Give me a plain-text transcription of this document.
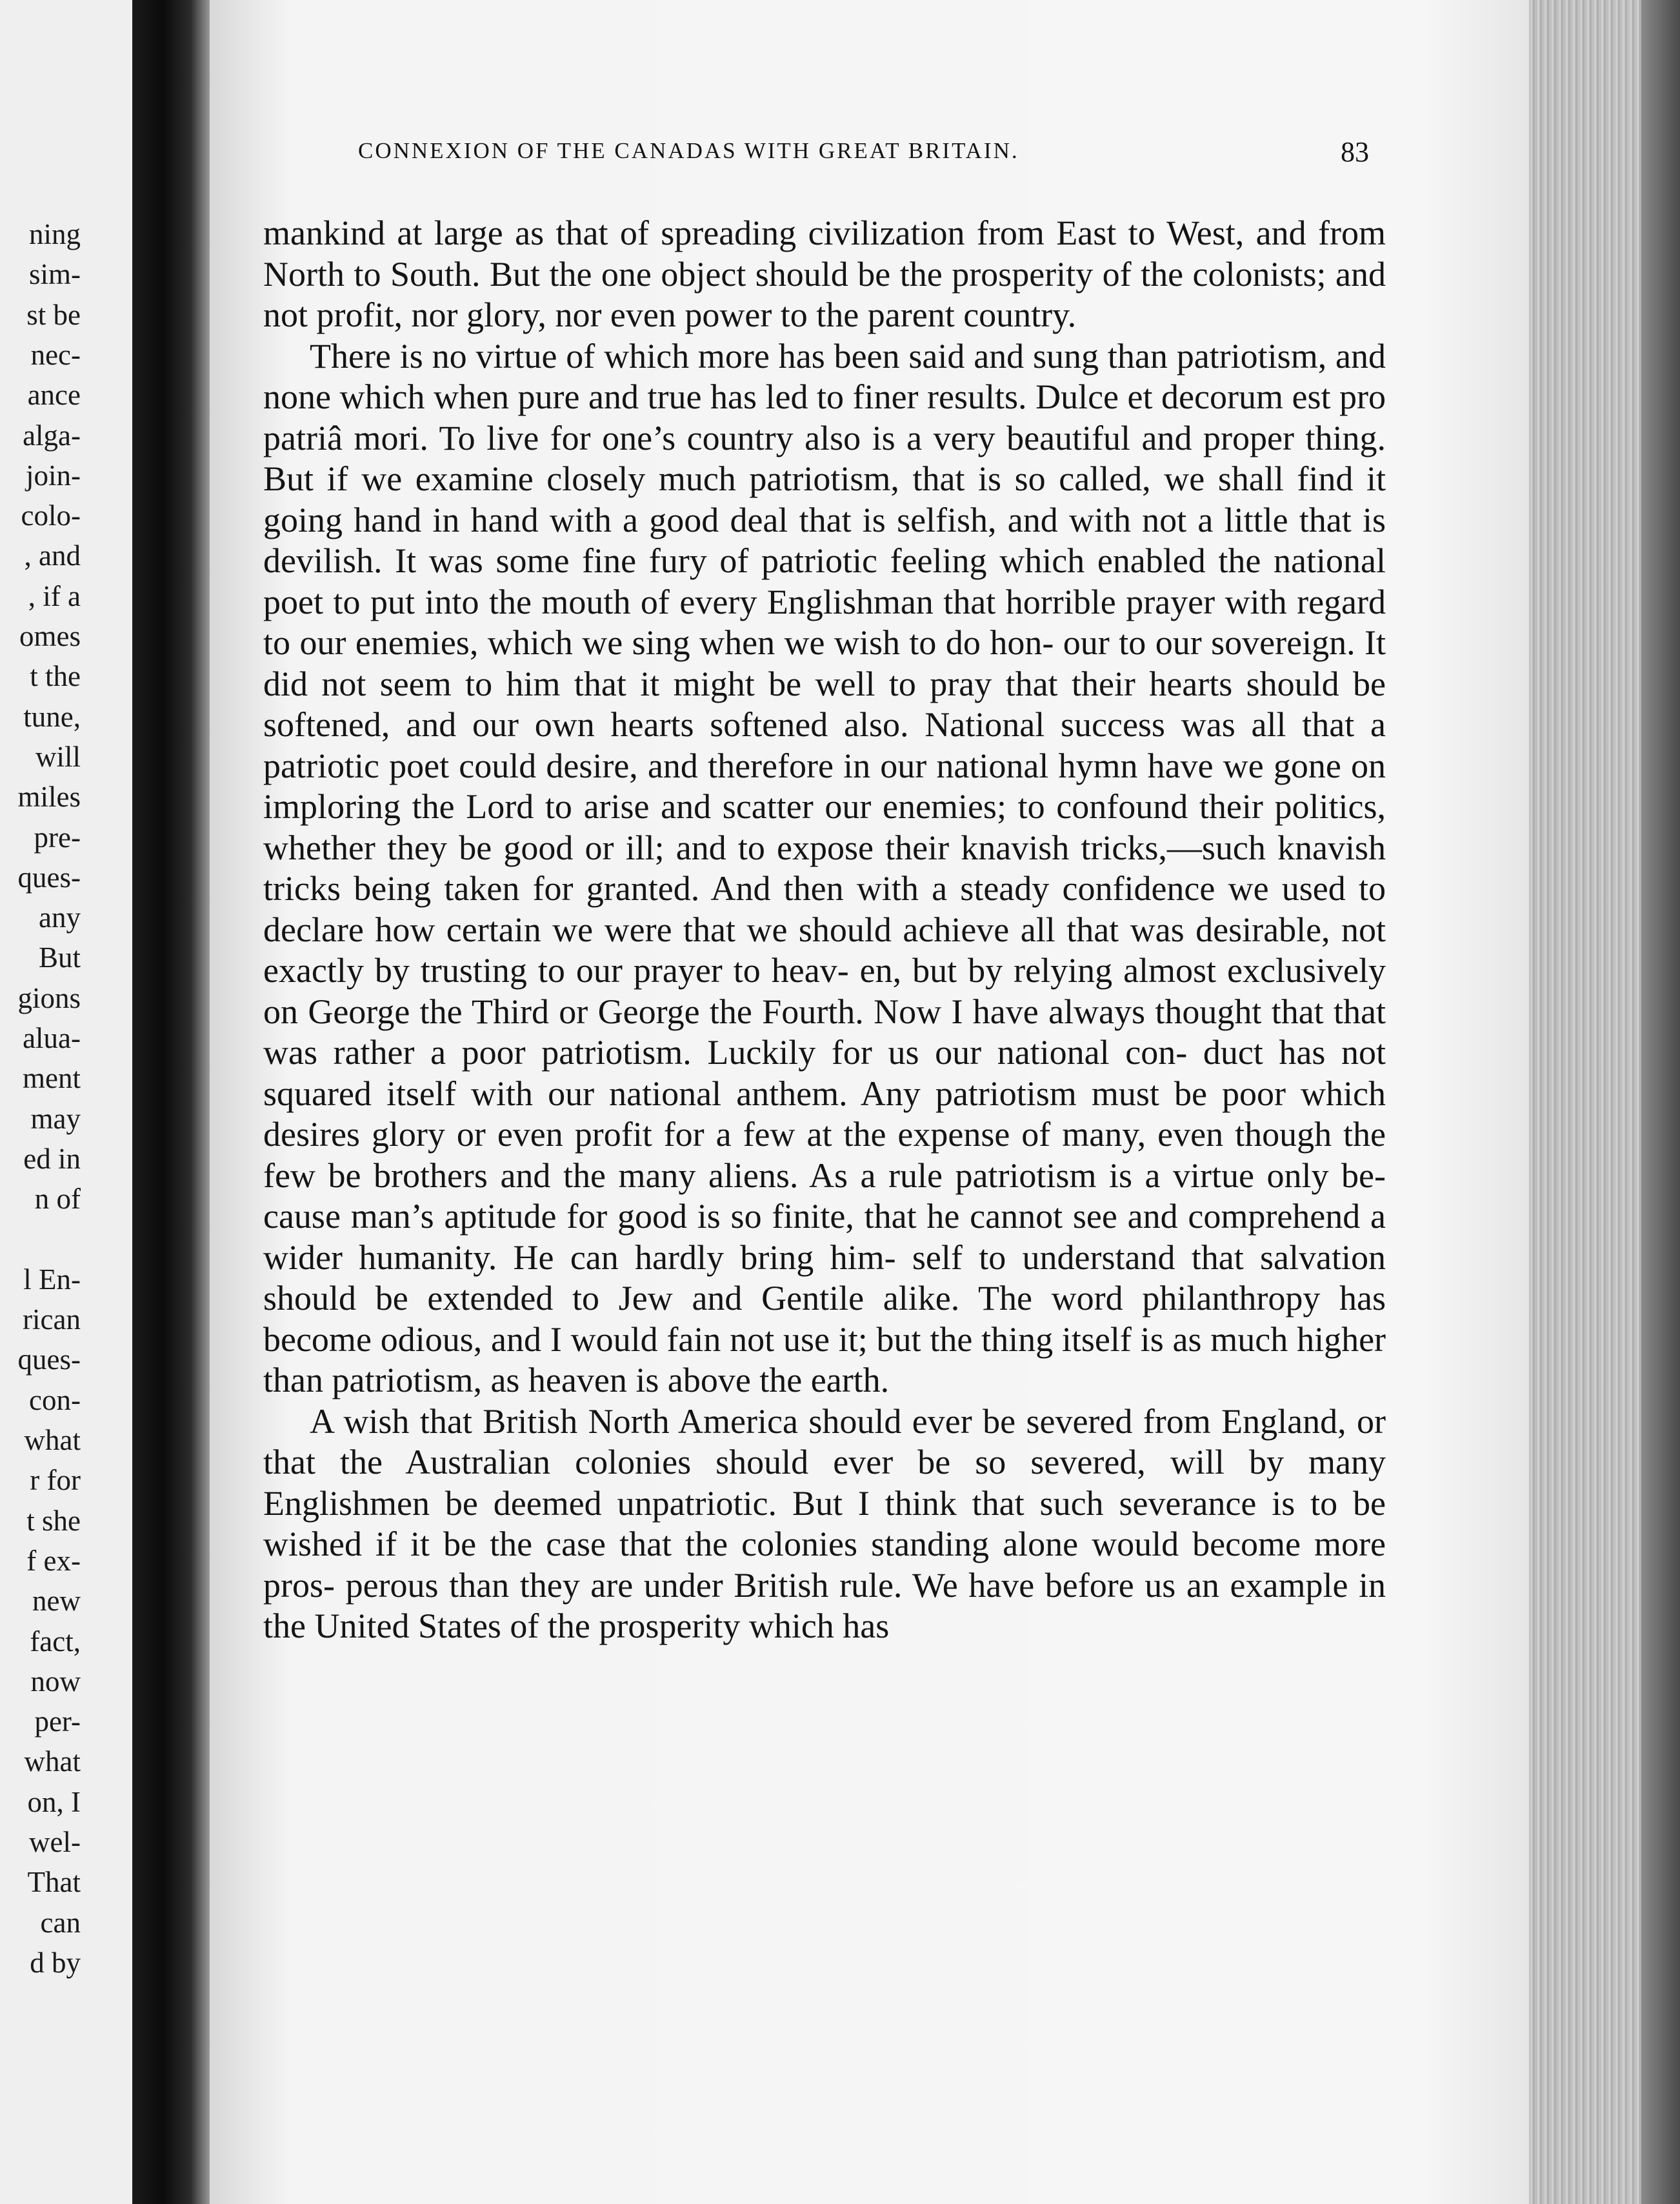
ning

sim-

st be

nec-

ance

alga-

join-

colo-

, and

, if a

omes

t the

tune,

will

miles

pre-

ques-

any

But

gions

alua-

ment

may

ed in

n of

l En-

rican

ques-

con-

what

r for

t she

f ex-

new

fact,

now

per-

what

on, I

wel-

That

can

d by

CONNEXION OF THE CANADAS WITH GREAT BRITAIN.	83

mankind at large as that of spreading civilization from East to West, and from North to South. But the one object should be the prosperity of the colonists; and not profit, nor glory, nor even power to the parent country.

There is no virtue of which more has been said and sung than patriotism, and none which when pure and true has led to finer results. Dulce et decorum est pro patriâ mori. To live for one’s country also is a very beautiful and proper thing. But if we examine closely much patriotism, that is so called, we shall find it going hand in hand with a good deal that is selfish, and with not a little that is devilish. It was some fine fury of patriotic feeling which enabled the national poet to put into the mouth of every Englishman that horrible prayer with regard to our enemies, which we sing when we wish to do hon- our to our sovereign. It did not seem to him that it might be well to pray that their hearts should be softened, and our own hearts softened also. National success was all that a patriotic poet could desire, and therefore in our national hymn have we gone on imploring the Lord to arise and scatter our enemies; to confound their politics, whether they be good or ill; and to expose their knavish tricks,—such knavish tricks being taken for granted. And then with a steady confidence we used to declare how certain we were that we should achieve all that was desirable, not exactly by trusting to our prayer to heav- en, but by relying almost exclusively on George the Third or George the Fourth. Now I have always thought that that was rather a poor patriotism. Luckily for us our national con- duct has not squared itself with our national anthem. Any patriotism must be poor which desires glory or even profit for a few at the expense of many, even though the few be brothers and the many aliens. As a rule patriotism is a virtue only be- cause man’s aptitude for good is so finite, that he cannot see and comprehend a wider humanity. He can hardly bring him- self to understand that salvation should be extended to Jew and Gentile alike. The word philanthropy has become odious, and I would fain not use it; but the thing itself is as much higher than patriotism, as heaven is above the earth.

A wish that British North America should ever be severed from England, or that the Australian colonies should ever be so severed, will by many Englishmen be deemed unpatriotic. But I think that such severance is to be wished if it be the case that the colonies standing alone would become more pros- perous than they are under British rule. We have before us an example in the United States of the prosperity which has
